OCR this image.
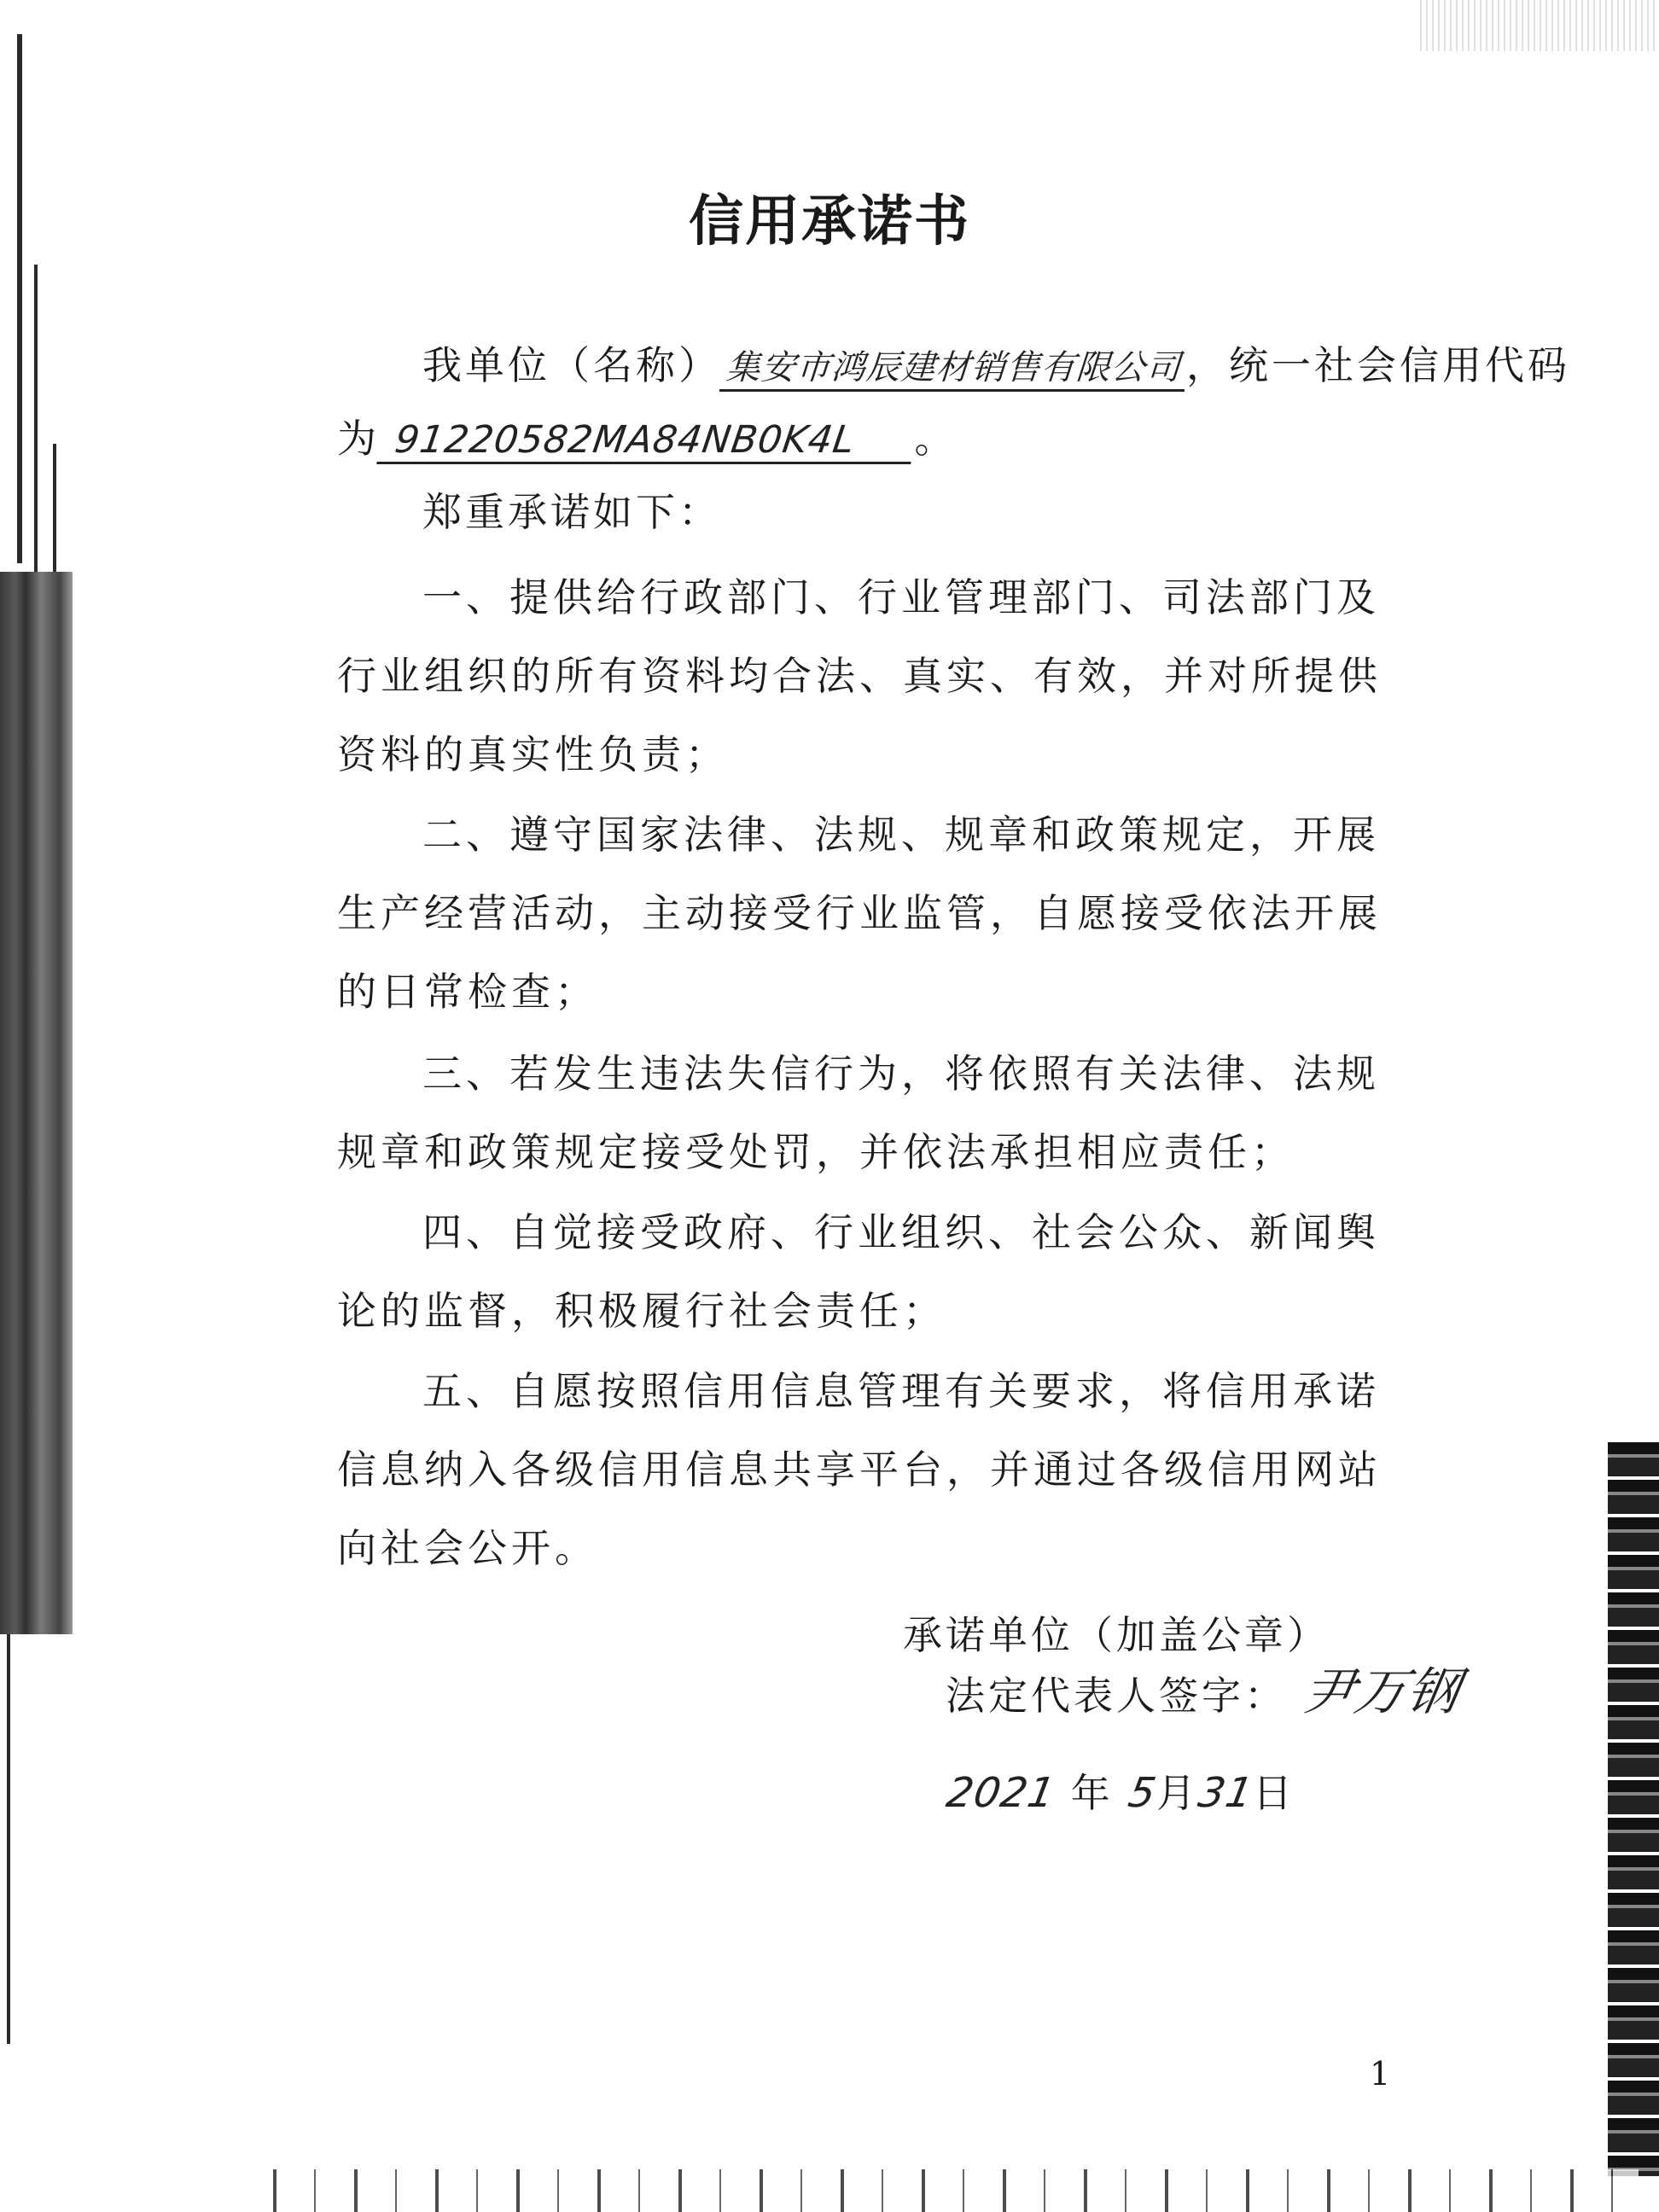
信用承诺书
我单位（名称） 集安市鸿辰建材销售有限公司，统一社会信用代码
为 91220582MA84NB0K4L 。
郑重承诺如下：

一、提供给行政部门、行业管理部门、司法部门及行业组织的所有资料均合法、真实、有效，并对所提供资料的真实性负责；

二、遵守国家法律、法规、规章和政策规定，开展生产经营活动，主动接受行业监管，自愿接受依法开展的日常检查；

三、若发生违法失信行为，将依照有关法律、法规规章和政策规定接受处罚，并依法承担相应责任；

四、自觉接受政府、行业组织、社会公众、新闻舆论的监督，积极履行社会责任；

五、自愿按照信用信息管理有关要求，将信用承诺信息纳入各级信用信息共享平台，并通过各级信用网站向社会公开。

承诺单位（加盖公章）
法定代表人签字： 尹万钢
2021 年 5月31日
1
